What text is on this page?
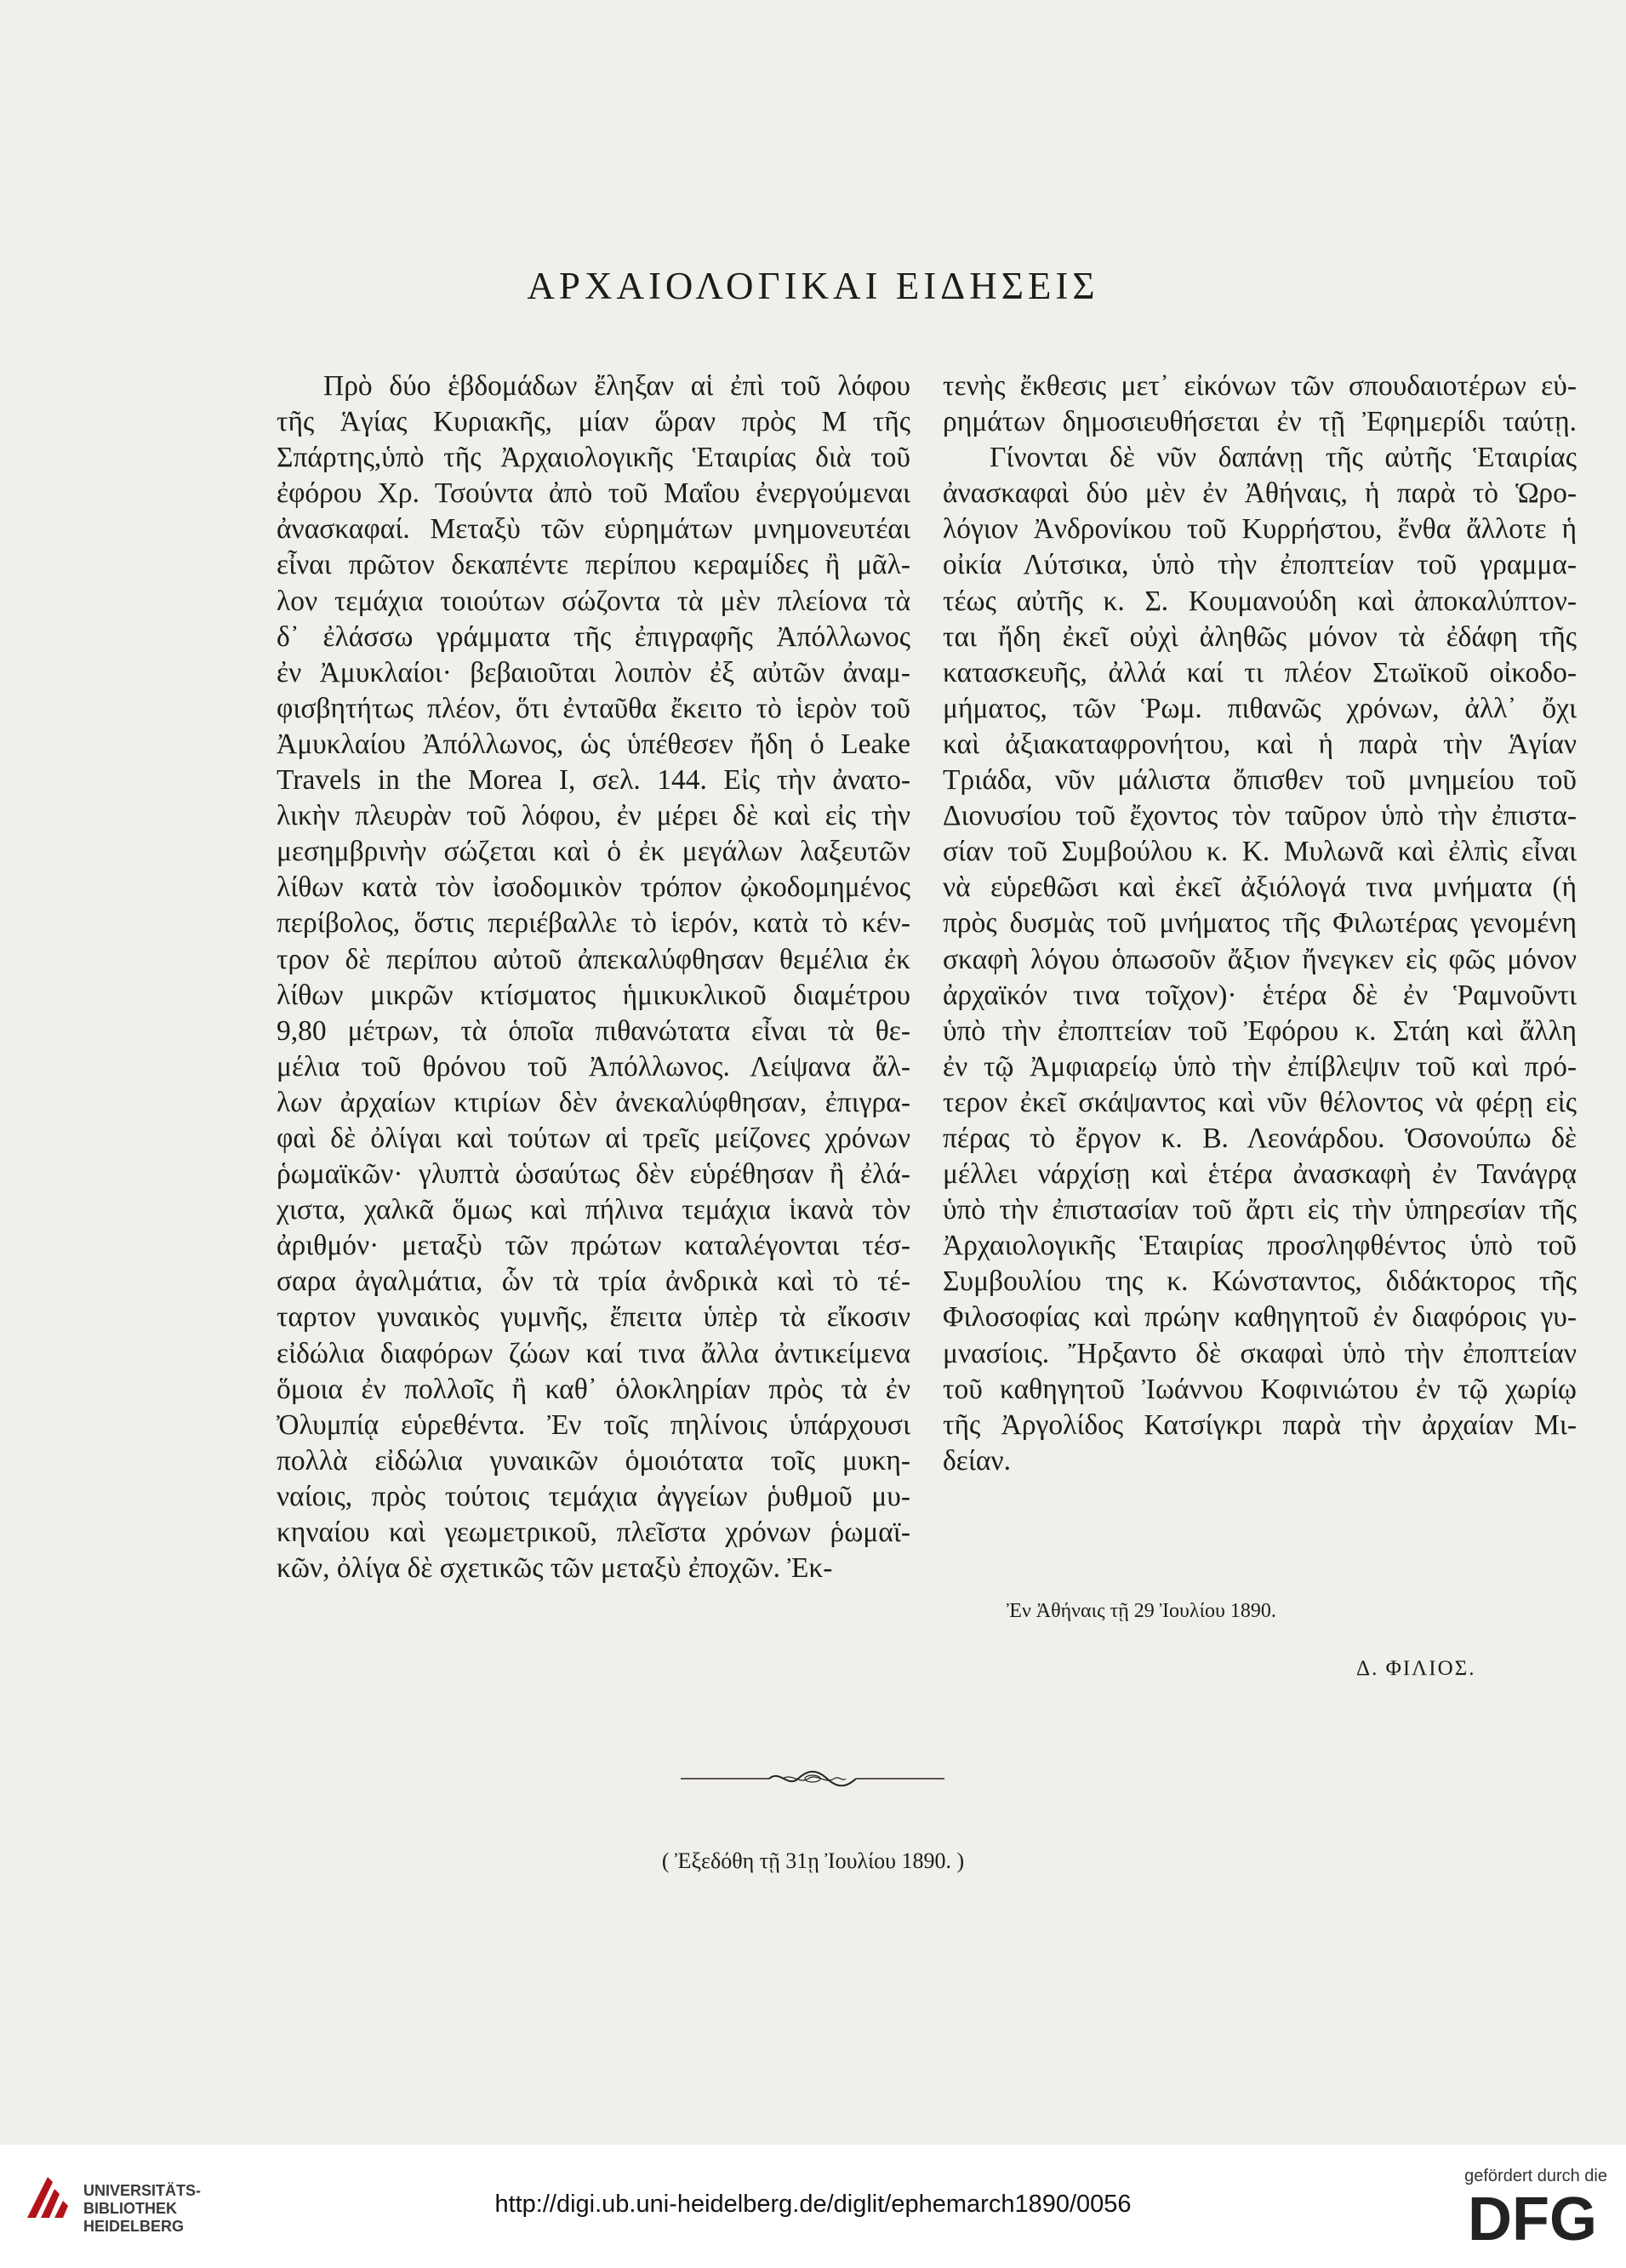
ΑΡΧΑΙΟΛΟΓΙΚΑΙ ΕΙΔΗΣΕΙΣ

Πρὸ δύο ἑβδομάδων ἔληξαν αἱ ἐπὶ τοῦ λόφου

τῆς Ἁγίας Κυριακῆς, μίαν ὥραν πρὸς Μ τῆς

Σπάρτης,ὑπὸ τῆς Ἀρχαιολογικῆς Ἑταιρίας διὰ τοῦ

ἐφόρου Χρ. Τσούντα ἀπὸ τοῦ Μαΐου ἐνεργούμεναι

ἀνασκαφαί. Μεταξὺ τῶν εὑρημάτων μνημονευτέαι

εἶναι πρῶτον δεκαπέντε περίπου κεραμίδες ἢ μᾶλ-

λον τεμάχια τοιούτων σώζοντα τὰ μὲν πλείονα τὰ

δ᾽ ἐλάσσω γράμματα τῆς ἐπιγραφῆς Ἀπόλλωνος

ἐν Ἀμυκλαίοι· βεβαιοῦται λοιπὸν ἐξ αὐτῶν ἀναμ-

φισβητήτως πλέον, ὅτι ἐνταῦθα ἔκειτο τὸ ἱερὸν τοῦ

Ἀμυκλαίου Ἀπόλλωνος, ὡς ὑπέθεσεν ἤδη ὁ Leake

Travels in the Morea I, σελ. 144. Εἰς τὴν ἀνατο-

λικὴν πλευρὰν τοῦ λόφου, ἐν μέρει δὲ καὶ εἰς τὴν

μεσημβρινὴν σώζεται καὶ ὁ ἐκ μεγάλων λαξευτῶν

λίθων κατὰ τὸν ἰσοδομικὸν τρόπον ᾠκοδομημένος

περίβολος, ὅστις περιέβαλλε τὸ ἱερόν, κατὰ τὸ κέν-

τρον δὲ περίπου αὐτοῦ ἀπεκαλύφθησαν θεμέλια ἐκ

λίθων μικρῶν κτίσματος ἡμικυκλικοῦ διαμέτρου

9,80 μέτρων, τὰ ὁποῖα πιθανώτατα εἶναι τὰ θε-

μέλια τοῦ θρόνου τοῦ Ἀπόλλωνος. Λείψανα ἄλ-

λων ἀρχαίων κτιρίων δὲν ἀνεκαλύφθησαν, ἐπιγρα-

φαὶ δὲ ὀλίγαι καὶ τούτων αἱ τρεῖς μείζονες χρόνων

ῥωμαϊκῶν· γλυπτὰ ὡσαύτως δὲν εὑρέθησαν ἢ ἐλά-

χιστα, χαλκᾶ ὅμως καὶ πήλινα τεμάχια ἱκανὰ τὸν

ἀριθμόν· μεταξὺ τῶν πρώτων καταλέγονται τέσ-

σαρα ἀγαλμάτια, ὧν τὰ τρία ἀνδρικὰ καὶ τὸ τέ-

ταρτον γυναικὸς γυμνῆς, ἔπειτα ὑπὲρ τὰ εἴκοσιν

εἰδώλια διαφόρων ζώων καί τινα ἄλλα ἀντικείμενα

ὅμοια ἐν πολλοῖς ἢ καθ᾽ ὁλοκληρίαν πρὸς τὰ ἐν

Ὀλυμπίᾳ εὑρεθέντα. Ἐν τοῖς πηλίνοις ὑπάρχουσι

πολλὰ εἰδώλια γυναικῶν ὁμοιότατα τοῖς μυκη-

ναίοις, πρὸς τούτοις τεμάχια ἀγγείων ῥυθμοῦ μυ-

κηναίου καὶ γεωμετρικοῦ, πλεῖστα χρόνων ῥωμαϊ-

κῶν, ὀλίγα δὲ σχετικῶς τῶν μεταξὺ ἐποχῶν. Ἐκ-

τενὴς ἔκθεσις μετ᾽ εἰκόνων τῶν σπουδαιοτέρων εὑ-

ρημάτων δημοσιευθήσεται ἐν τῇ Ἐφημερίδι ταύτῃ.

Γίνονται δὲ νῦν δαπάνῃ τῆς αὐτῆς Ἑταιρίας

ἀνασκαφαὶ δύο μὲν ἐν Ἀθήναις, ἡ παρὰ τὸ Ὡρο-

λόγιον Ἀνδρονίκου τοῦ Κυρρήστου, ἔνθα ἄλλοτε ἡ

οἰκία Λύτσικα, ὑπὸ τὴν ἐποπτείαν τοῦ γραμμα-

τέως αὐτῆς κ. Σ. Κουμανούδη καὶ ἀποκαλύπτον-

ται ἤδη ἐκεῖ οὐχὶ ἀληθῶς μόνον τὰ ἐδάφη τῆς

κατασκευῆς, ἀλλά καί τι πλέον Στωϊκοῦ οἰκοδο-

μήματος, τῶν Ῥωμ. πιθανῶς χρόνων, ἀλλ᾽ ὄχι

καὶ ἀξιακαταφρονήτου, καὶ ἡ παρὰ τὴν Ἁγίαν

Τριάδα, νῦν μάλιστα ὄπισθεν τοῦ μνημείου τοῦ

Διονυσίου τοῦ ἔχοντος τὸν ταῦρον ὑπὸ τὴν ἐπιστα-

σίαν τοῦ Συμβούλου κ. Κ. Μυλωνᾶ καὶ ἐλπὶς εἶναι

νὰ εὑρεθῶσι καὶ ἐκεῖ ἀξιόλογά τινα μνήματα (ἡ

πρὸς δυσμὰς τοῦ μνήματος τῆς Φιλωτέρας γενομένη

σκαφὴ λόγου ὁπωσοῦν ἄξιον ἤνεγκεν εἰς φῶς μόνον

ἀρχαϊκόν τινα τοῖχον)· ἑτέρα δὲ ἐν Ῥαμνοῦντι

ὑπὸ τὴν ἐποπτείαν τοῦ Ἐφόρου κ. Στάη καὶ ἄλλη

ἐν τῷ Ἀμφιαρείῳ ὑπὸ τὴν ἐπίβλεψιν τοῦ καὶ πρό-

τερον ἐκεῖ σκάψαντος καὶ νῦν θέλοντος νὰ φέρῃ εἰς

πέρας τὸ ἔργον κ. Β. Λεονάρδου. Ὁσονούπω δὲ

μέλλει νάρχίσῃ καὶ ἑτέρα ἀνασκαφὴ ἐν Τανάγρᾳ

ὑπὸ τὴν ἐπιστασίαν τοῦ ἄρτι εἰς τὴν ὑπηρεσίαν τῆς

Ἀρχαιολογικῆς Ἑταιρίας προσληφθέντος ὑπὸ τοῦ

Συμβουλίου της κ. Κώνσταντος, διδάκτορος τῆς

Φιλοσοφίας καὶ πρώην καθηγητοῦ ἐν διαφόροις γυ-

μνασίοις. Ἤρξαντο δὲ σκαφαὶ ὑπὸ τὴν ἐποπτείαν

τοῦ καθηγητοῦ Ἰωάννου Κοφινιώτου ἐν τῷ χωρίῳ

τῆς Ἀργολίδος Κατσίγκρι παρὰ τὴν ἀρχαίαν Μι-

δείαν.

Ἐν Ἀθήναις τῇ 29 Ἰουλίου 1890.
Δ. ΦΙΛΙΟΣ.
( Ἐξεδόθη τῇ 31ῃ Ἰουλίου 1890. )
UNIVERSITÄTS-
BIBLIOTHEK
HEIDELBERG
http://digi.ub.uni-heidelberg.de/diglit/ephemarch1890/0056
gefördert durch die
DFG
